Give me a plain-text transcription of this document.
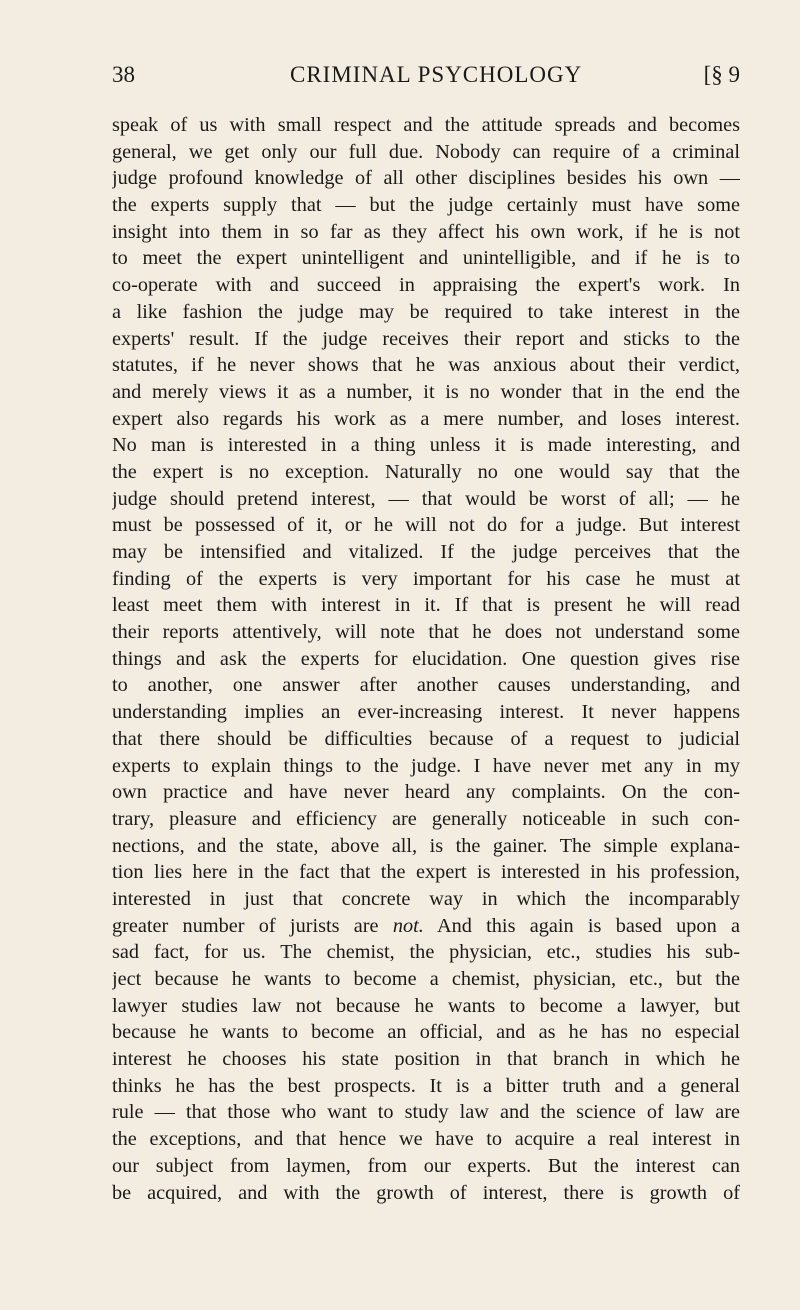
38	CRIMINAL PSYCHOLOGY	[§ 9
speak of us with small respect and the attitude spreads and becomes
general, we get only our full due. Nobody can require of a criminal
judge profound knowledge of all other disciplines besides his own —
the experts supply that — but the judge certainly must have some
insight into them in so far as they affect his own work, if he is not
to meet the expert unintelligent and unintelligible, and if he is to
co-operate with and succeed in appraising the expert's work. In
a like fashion the judge may be required to take interest in the
experts' result. If the judge receives their report and sticks to the
statutes, if he never shows that he was anxious about their verdict,
and merely views it as a number, it is no wonder that in the end the
expert also regards his work as a mere number, and loses interest.
No man is interested in a thing unless it is made interesting, and
the expert is no exception. Naturally no one would say that the
judge should pretend interest, — that would be worst of all; — he
must be possessed of it, or he will not do for a judge. But interest
may be intensified and vitalized. If the judge perceives that the
finding of the experts is very important for his case he must at
least meet them with interest in it. If that is present he will read
their reports attentively, will note that he does not understand some
things and ask the experts for elucidation. One question gives rise
to another, one answer after another causes understanding, and
understanding implies an ever-increasing interest. It never happens
that there should be difficulties because of a request to judicial
experts to explain things to the judge. I have never met any in my
own practice and have never heard any complaints. On the con-
trary, pleasure and efficiency are generally noticeable in such con-
nections, and the state, above all, is the gainer. The simple explana-
tion lies here in the fact that the expert is interested in his profession,
interested in just that concrete way in which the incomparably
greater number of jurists are not. And this again is based upon a
sad fact, for us. The chemist, the physician, etc., studies his sub-
ject because he wants to become a chemist, physician, etc., but the
lawyer studies law not because he wants to become a lawyer, but
because he wants to become an official, and as he has no especial
interest he chooses his state position in that branch in which he
thinks he has the best prospects. It is a bitter truth and a general
rule — that those who want to study law and the science of law are
the exceptions, and that hence we have to acquire a real interest in
our subject from laymen, from our experts. But the interest can
be acquired, and with the growth of interest, there is growth of
